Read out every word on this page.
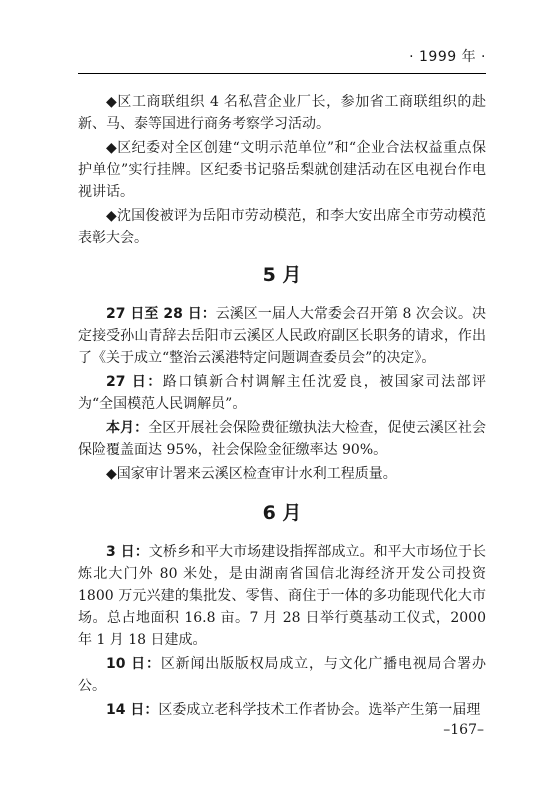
· 1999 年 ·

◆区工商联组织 4 名私营企业厂长，参加省工商联组织的赴新、马、泰等国进行商务考察学习活动。

◆区纪委对全区创建“文明示范单位”和“企业合法权益重点保护单位”实行挂牌。区纪委书记骆岳梨就创建活动在区电视台作电视讲话。

◆沈国俊被评为岳阳市劳动模范，和李大安出席全市劳动模范表彰大会。

5 月

27 日至 28 日：云溪区一届人大常委会召开第 8 次会议。决定接受孙山青辞去岳阳市云溪区人民政府副区长职务的请求，作出了《关于成立“整治云溪港特定问题调查委员会”的决定》。

27 日：路口镇新合村调解主任沈爱良，被国家司法部评为“全国模范人民调解员”。

本月：全区开展社会保险费征缴执法大检查，促使云溪区社会保险覆盖面达 95%，社会保险金征缴率达 90%。

◆国家审计署来云溪区检查审计水利工程质量。

6 月

3 日：文桥乡和平大市场建设指挥部成立。和平大市场位于长炼北大门外 80 米处，是由湖南省国信北海经济开发公司投资 1800 万元兴建的集批发、零售、商住于一体的多功能现代化大市场。总占地面积 16.8 亩。7 月 28 日举行奠基动工仪式，2000 年 1 月 18 日建成。

10 日：区新闻出版版权局成立，与文化广播电视局合署办公。

14 日：区委成立老科学技术工作者协会。选举产生第一届理

–167–
